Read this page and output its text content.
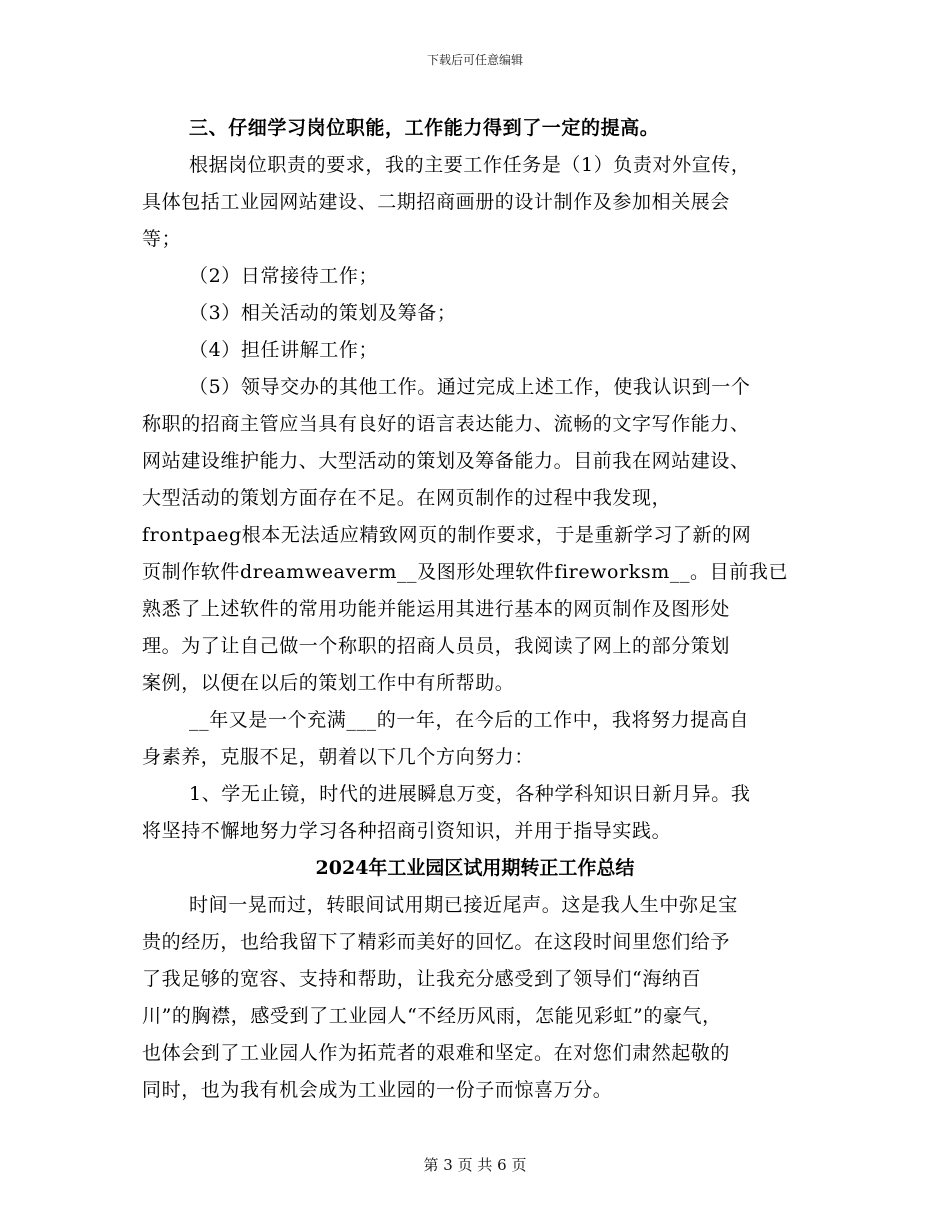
下载后可任意编辑
三、仔细学习岗位职能，工作能力得到了一定的提高。
根据岗位职责的要求，我的主要工作任务是（1）负责对外宣传，
具体包括工业园网站建设、二期招商画册的设计制作及参加相关展会
等；
（2）日常接待工作；
（3）相关活动的策划及筹备；
（4）担任讲解工作；
（5）领导交办的其他工作。通过完成上述工作，使我认识到一个
称职的招商主管应当具有良好的语言表达能力、流畅的文字写作能力、
网站建设维护能力、大型活动的策划及筹备能力。目前我在网站建设、
大型活动的策划方面存在不足。在网页制作的过程中我发现，
frontpaeg根本无法适应精致网页的制作要求，于是重新学习了新的网
页制作软件dreamweaverm__及图形处理软件fireworksm__。目前我已
熟悉了上述软件的常用功能并能运用其进行基本的网页制作及图形处
理。为了让自己做一个称职的招商人员员，我阅读了网上的部分策划
案例，以便在以后的策划工作中有所帮助。
__年又是一个充满___的一年，在今后的工作中，我将努力提高自
身素养，克服不足，朝着以下几个方向努力：
1、学无止镜，时代的进展瞬息万变，各种学科知识日新月异。我
将坚持不懈地努力学习各种招商引资知识，并用于指导实践。
2024年工业园区试用期转正工作总结
时间一晃而过，转眼间试用期已接近尾声。这是我人生中弥足宝
贵的经历，也给我留下了精彩而美好的回忆。在这段时间里您们给予
了我足够的宽容、支持和帮助，让我充分感受到了领导们“海纳百
川”的胸襟，感受到了工业园人“不经历风雨，怎能见彩虹”的豪气，
也体会到了工业园人作为拓荒者的艰难和坚定。在对您们肃然起敬的
同时，也为我有机会成为工业园的一份子而惊喜万分。
第 3 页 共 6 页
